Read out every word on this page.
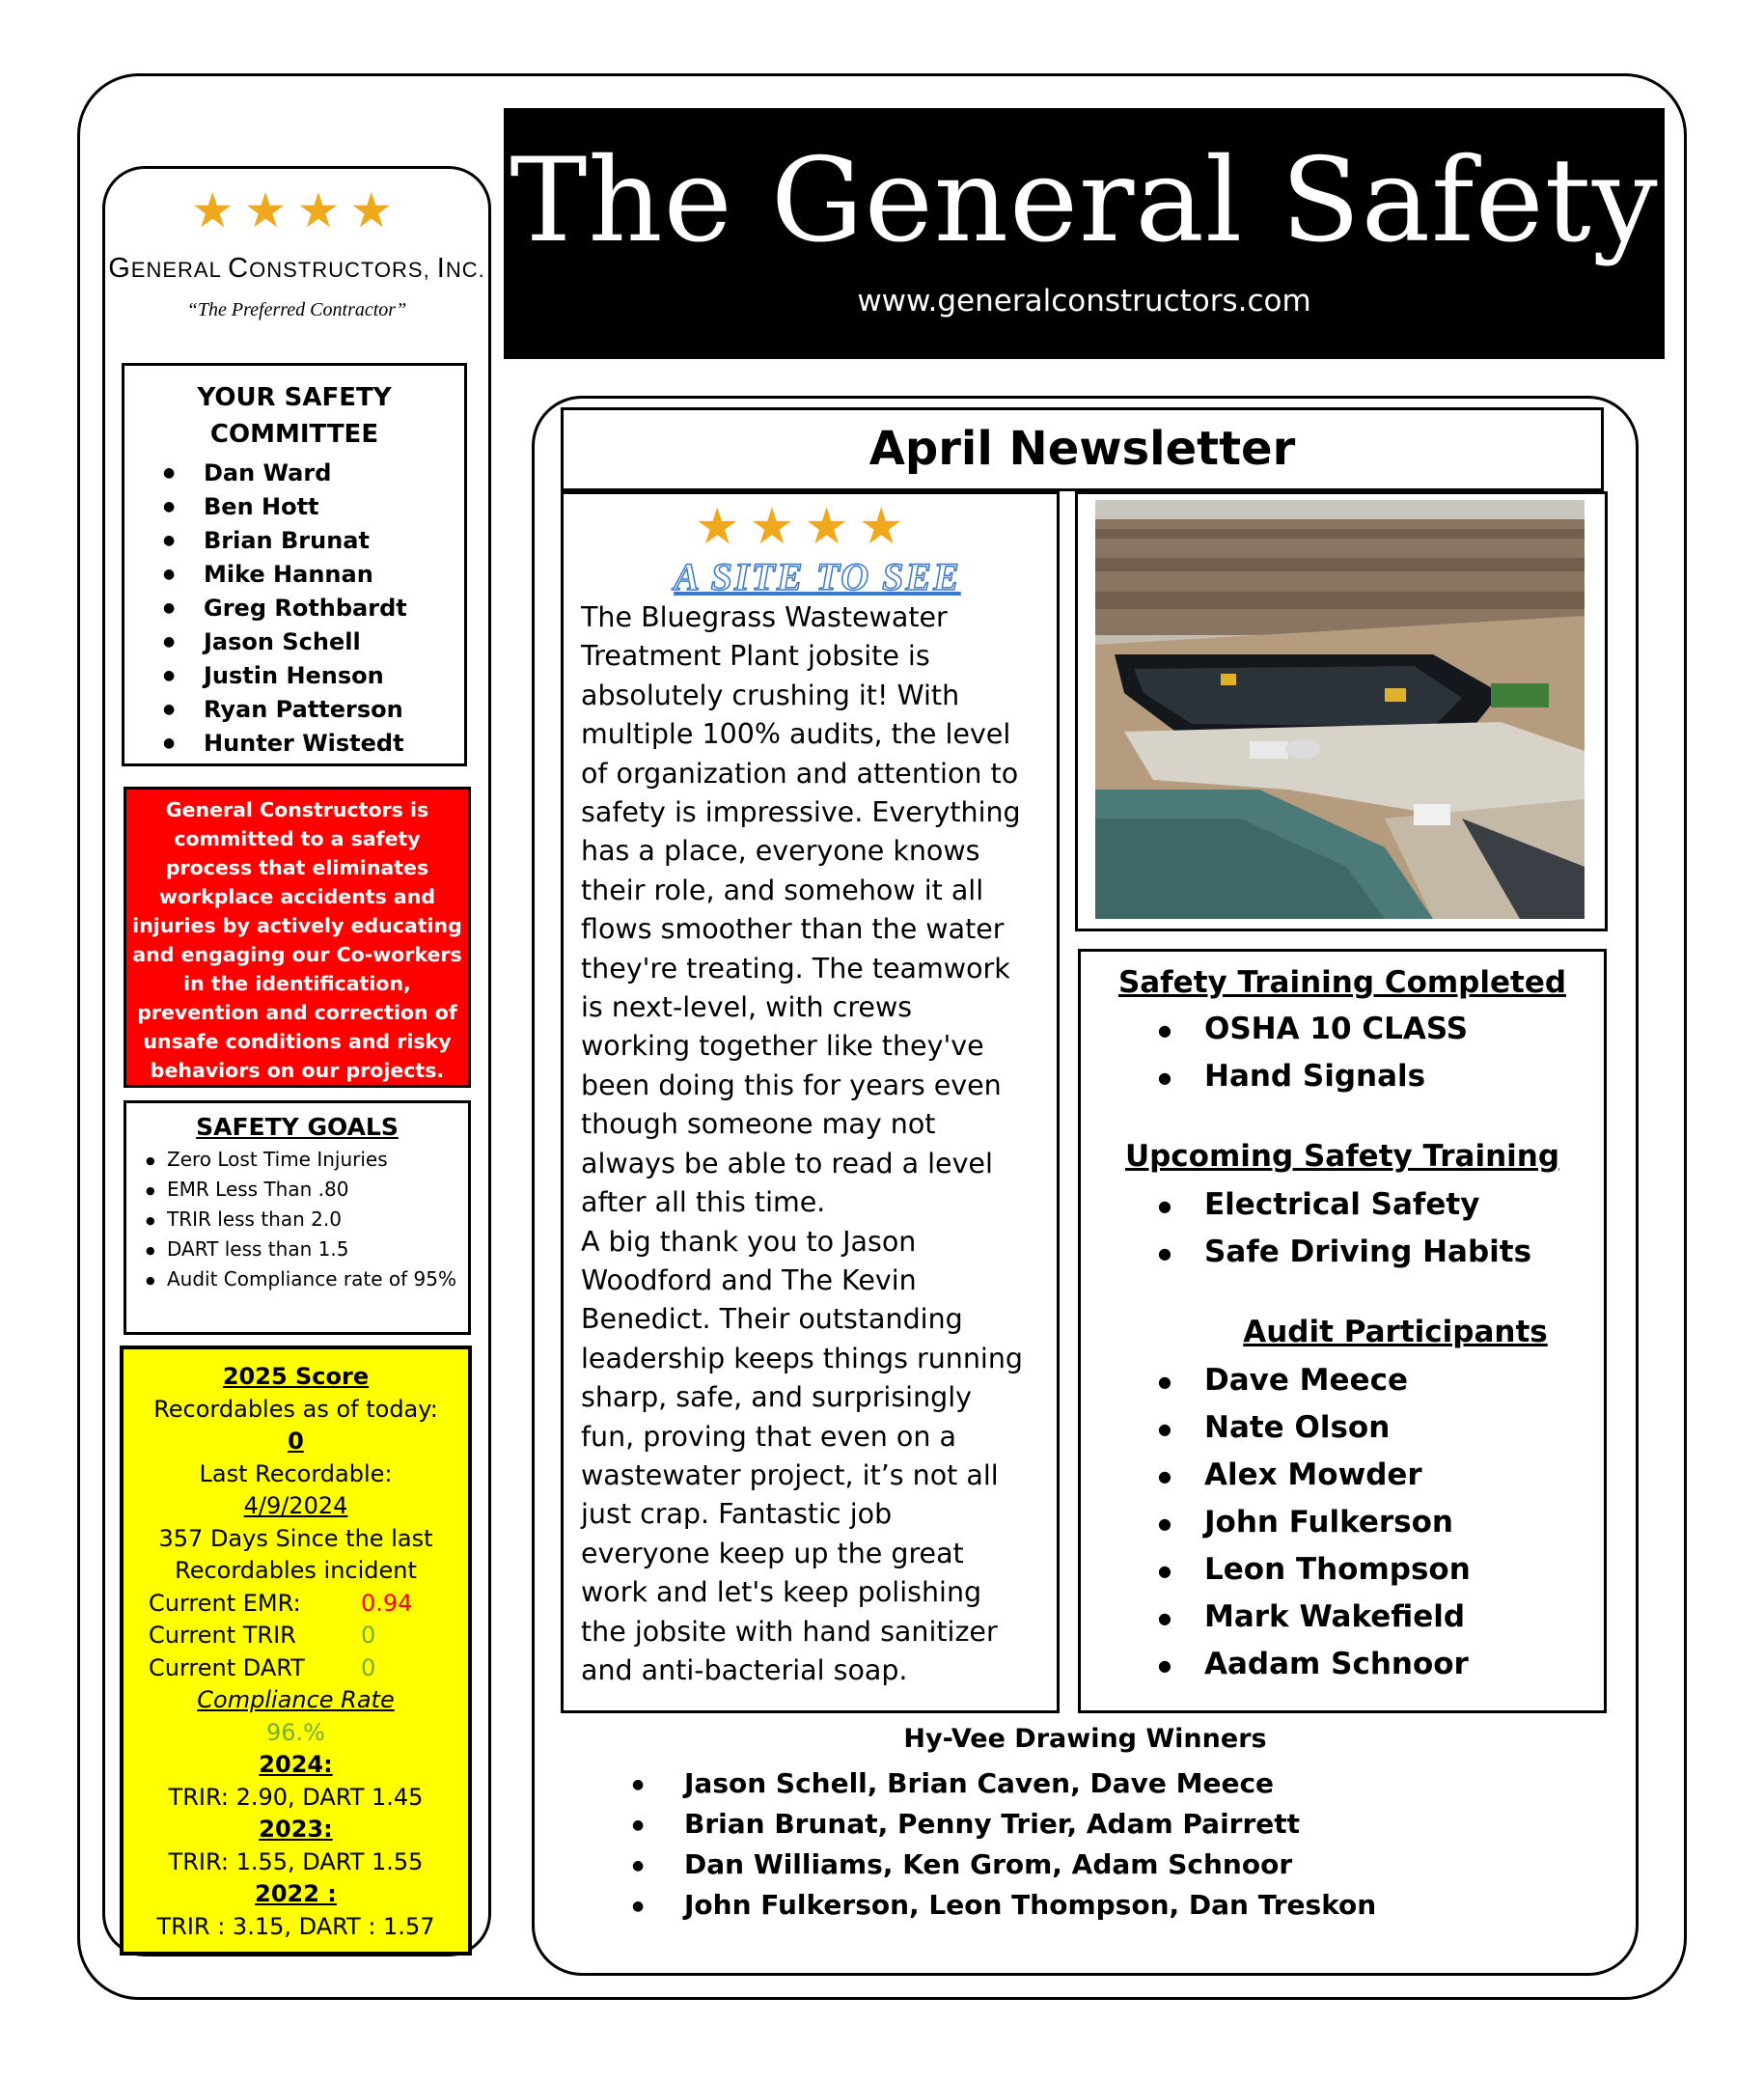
★★★★
GENERAL CONSTRUCTORS, INC.
“The Preferred Contractor”
YOUR SAFETY COMMITTEE
● Dan Ward
● Ben Hott
● Brian Brunat
● Mike Hannan
● Greg Rothbardt
● Jason Schell
● Justin Henson
● Ryan Patterson
● Hunter Wistedt
General Constructors is committed to a safety process that eliminates workplace accidents and injuries by actively educating and engaging our Co-workers in the identification, prevention and correction of unsafe conditions and risky behaviors on our projects.
SAFETY GOALS
● Zero Lost Time Injuries
● EMR Less Than .80
● TRIR less than 2.0
● DART less than 1.5
● Audit Compliance rate of 95%
2025 Score
Recordables as of today:
0
Last Recordable:
4/9/2024
357 Days Since the last
Recordables incident
Current EMR:	0.94
Current TRIR	0
Current DART 0
Compliance Rate
96.%
2024:
TRIR: 2.90, DART 1.45
2023:
TRIR: 1.55, DART 1.55
2022 :
TRIR : 3.15, DART : 1.57
The General Safety
www.generalconstructors.com
April Newsletter
★★★★
A SITE TO SEE
The Bluegrass Wastewater
Treatment Plant jobsite is
absolutely crushing it! With
multiple 100% audits, the level
of organization and attention to
safety is impressive. Everything
has a place, everyone knows
their role, and somehow it all
flows smoother than the water
they're treating. The teamwork
is next-level, with crews
working together like they've
been doing this for years even
though someone may not
always be able to read a level
after all this time.
A big thank you to Jason
Woodford and The Kevin
Benedict. Their outstanding
leadership keeps things running
sharp, safe, and surprisingly
fun, proving that even on a
wastewater project, it’s not all
just crap. Fantastic job
everyone keep up the great
work and let's keep polishing
the jobsite with hand sanitizer
and anti-bacterial soap.
Safety Training Completed
● OSHA 10 CLASS
● Hand Signals
Upcoming Safety Training
● Electrical Safety
● Safe Driving Habits
Audit Participants
● Dave Meece
● Nate Olson
● Alex Mowder
● John Fulkerson
● Leon Thompson
● Mark Wakefield
● Aadam Schnoor
Hy-Vee Drawing Winners
● Jason Schell, Brian Caven, Dave Meece
● Brian Brunat, Penny Trier, Adam Pairrett
● Dan Williams, Ken Grom, Adam Schnoor
● John Fulkerson, Leon Thompson, Dan Treskon
